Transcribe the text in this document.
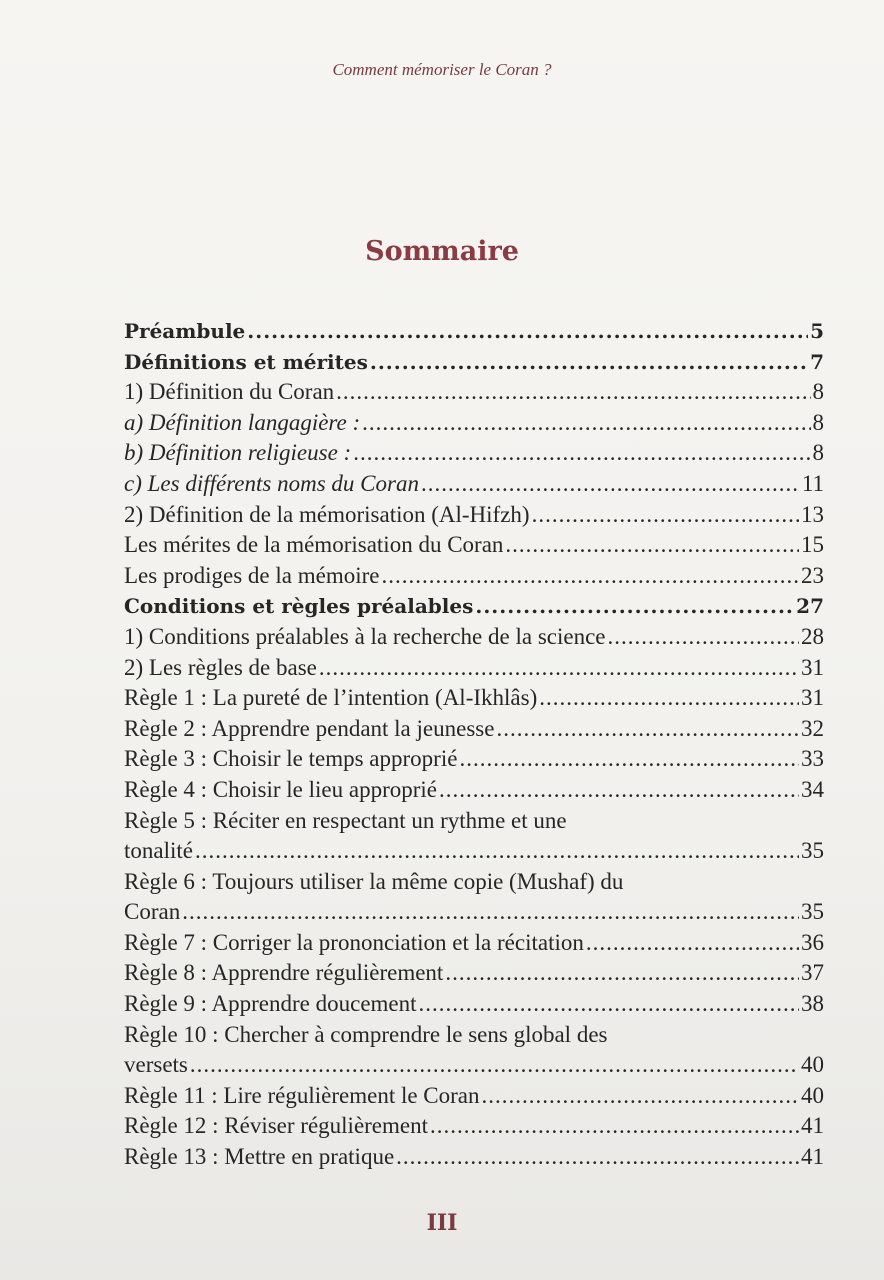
Comment mémoriser le Coran ?
Sommaire
Préambule .....	5
Définitions et mérites .....	7
1) Définition du Coran .....	8
a) Définition langagière : .....	8
b) Définition religieuse : .....	8
c) Les différents noms du Coran .....	11
2) Définition de la mémorisation (Al-Hifzh) .....	13
Les mérites de la mémorisation du Coran .....	15
Les prodiges de la mémoire .....	23
Conditions et règles préalables .....	27
1) Conditions préalables à la recherche de la science .....	28
2) Les règles de base .....	31
Règle 1 : La pureté de l’intention (Al-Ikhlâs) .....	31
Règle 2 : Apprendre pendant la jeunesse .....	32
Règle 3 : Choisir le temps approprié .....	33
Règle 4 : Choisir le lieu approprié .....	34
Règle 5 : Réciter en respectant un rythme et une
tonalité .....	35
Règle 6 : Toujours utiliser la même copie (Mushaf) du
Coran .....	35
Règle 7 : Corriger la prononciation et la récitation .....	36
Règle 8 : Apprendre régulièrement .....	37
Règle 9 : Apprendre doucement .....	38
Règle 10 : Chercher à comprendre le sens global des
versets .....	40
Règle 11 : Lire régulièrement le Coran .....	40
Règle 12 : Réviser régulièrement .....	41
Règle 13 : Mettre en pratique .....	41
III
